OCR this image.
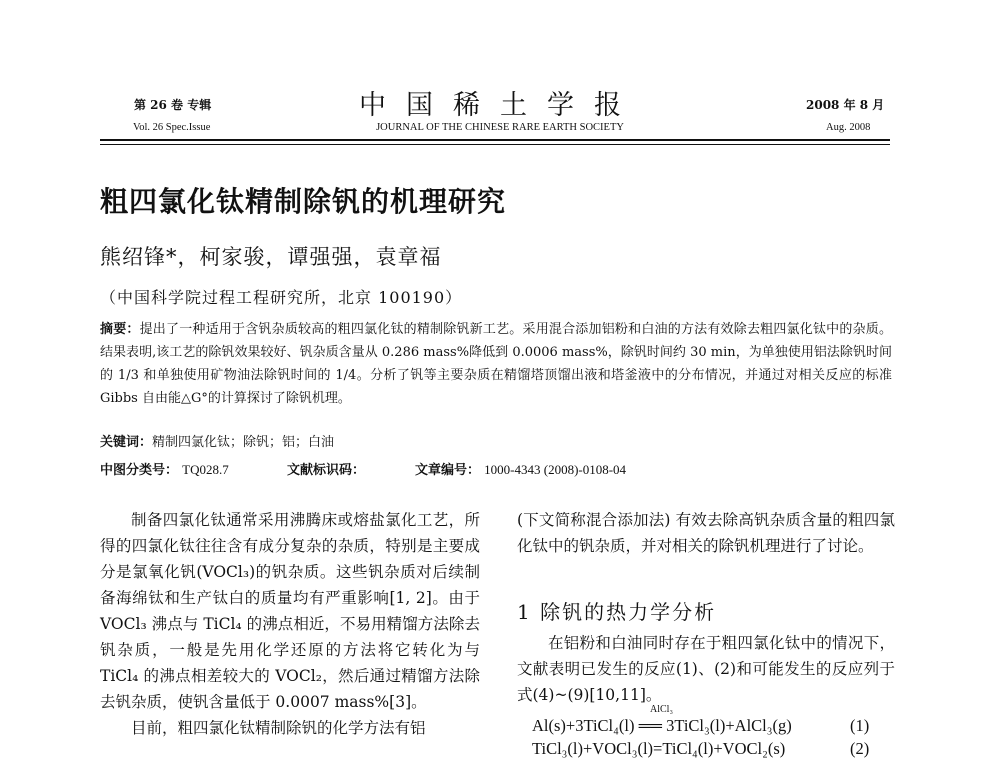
第 26 卷 专辑	中国稀土学报	2008 年 8 月
Vol. 26 Spec.Issue	JOURNAL OF THE CHINESE RARE EARTH SOCIETY	Aug. 2008
粗四氯化钛精制除钒的机理研究
熊绍锋*，柯家骏，谭强强，袁章福
（中国科学院过程工程研究所，北京 100190）
摘要：提出了一种适用于含钒杂质较高的粗四氯化钛的精制除钒新工艺。采用混合添加铝粉和白油的方法有效除去粗四氯化钛中的杂质。结果表明,该工艺的除钒效果较好、钒杂质含量从 0.286 mass%降低到 0.0006 mass%，除钒时间约 30 min，为单独使用铝法除钒时间的 1/3 和单独使用矿物油法除钒时间的 1/4。分析了钒等主要杂质在精馏塔顶馏出液和塔釜液中的分布情况，并通过对相关反应的标准 Gibbs 自由能△G°的计算探讨了除钒机理。
关键词：精制四氯化钛；除钒；铝；白油
中图分类号： TQ028.7	文献标识码：	文章编号： 1000-4343 (2008)-0108-04

制备四氯化钛通常采用沸腾床或熔盐氯化工艺，所得的四氯化钛往往含有成分复杂的杂质，特别是主要成分是氯氧化钒(VOCl₃)的钒杂质。这些钒杂质对后续制备海绵钛和生产钛白的质量均有严重影响[1, 2]。由于 VOCl₃ 沸点与 TiCl₄ 的沸点相近，不易用精馏方法除去钒杂质，一般是先用化学还原的方法将它转化为与 TiCl₄ 的沸点相差较大的 VOCl₂，然后通过精馏方法除去钒杂质，使钒含量低于 0.0007 mass%[3]。

目前，粗四氯化钛精制除钒的化学方法有铝

(下文简称混合添加法) 有效去除高钒杂质含量的粗四氯化钛中的钒杂质，并对相关的除钒机理进行了讨论。

1 除钒的热力学分析

在铝粉和白油同时存在于粗四氯化钛中的情况下，文献表明已发生的反应(1)、(2)和可能发生的反应列于式(4)~(9)[10,11]。

Al(s)+3TiCl₄(l) ══ 3TiCl₃(l)+AlCl₃(g)
AlCl₃
(1)
TiCl₃(l)+VOCl₃(l)=TiCl₄(l)+VOCl₂(s)	(2)
